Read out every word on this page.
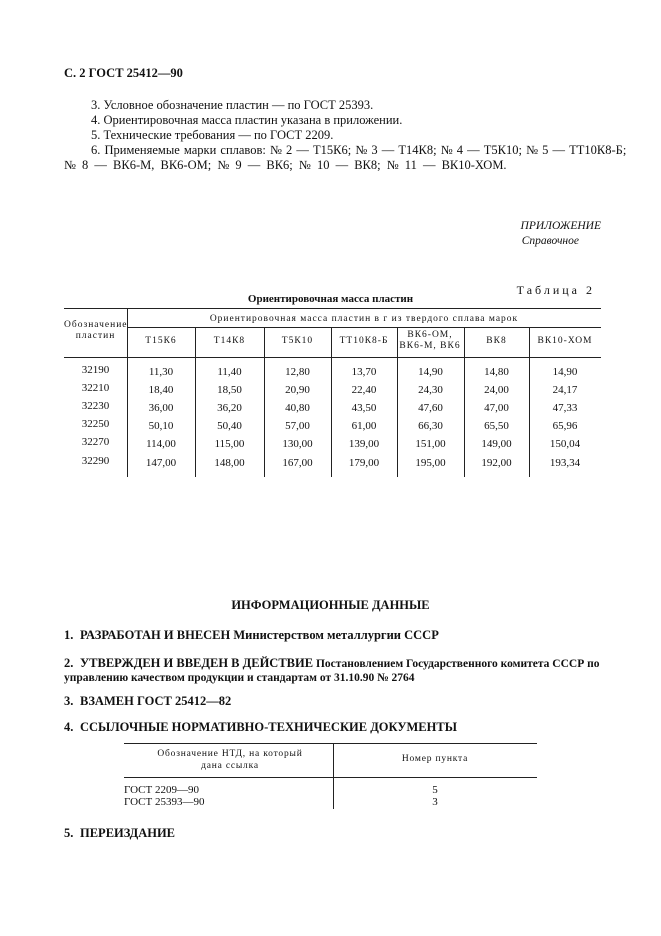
С. 2 ГОСТ 25412—90
3. Условное обозначение пластин — по ГОСТ 25393.
4. Ориентировочная масса пластин указана в приложении.
5. Технические требования — по ГОСТ 2209.
6. Применяемые марки сплавов: № 2 — Т15К6; № 3 — Т14К8; № 4 — Т5К10; № 5 — ТТ10К8-Б;
№ 8 — ВК6-М, ВК6-ОМ; № 9 — ВК6; № 10 — ВК8; № 11 — ВК10-ХОМ.
ПРИЛОЖЕНИЕ
Справочное
Таблица 2
Ориентировочная масса пластин
Обозначение пластин
Ориентировочная масса пластин в г из твердого сплава марок
Т15К6	Т14К8	Т5К10	ТТ10К8-Б
ВК6-ОМ, ВК6-М, ВК6	ВК8	ВК10-ХОМ
32190	11,30	11,40	12,80	13,70	14,90	14,80	14,90
32210	18,40	18,50	20,90	22,40	24,30	24,00	24,17
32230	36,00	36,20	40,80	43,50	47,60	47,00	47,33
32250	50,10	50,40	57,00	61,00	66,30	65,50	65,96
32270	114,00	115,00	130,00	139,00	151,00	149,00	150,04
32290	147,00	148,00	167,00	179,00	195,00	192,00	193,34
ИНФОРМАЦИОННЫЕ ДАННЫЕ
1. РАЗРАБОТАН И ВНЕСЕН Министерством металлургии СССР
2. УТВЕРЖДЕН И ВВЕДЕН В ДЕЙСТВИЕ Постановлением Государственного комитета СССР по
управлению качеством продукции и стандартам от 31.10.90 № 2764
3. ВЗАМЕН ГОСТ 25412—82
4. ССЫЛОЧНЫЕ НОРМАТИВНО-ТЕХНИЧЕСКИЕ ДОКУМЕНТЫ
Обозначение НТД, на который дана ссылка
Номер пункта
ГОСТ 2209—90	5
ГОСТ 25393—90	3
5. ПЕРЕИЗДАНИЕ
